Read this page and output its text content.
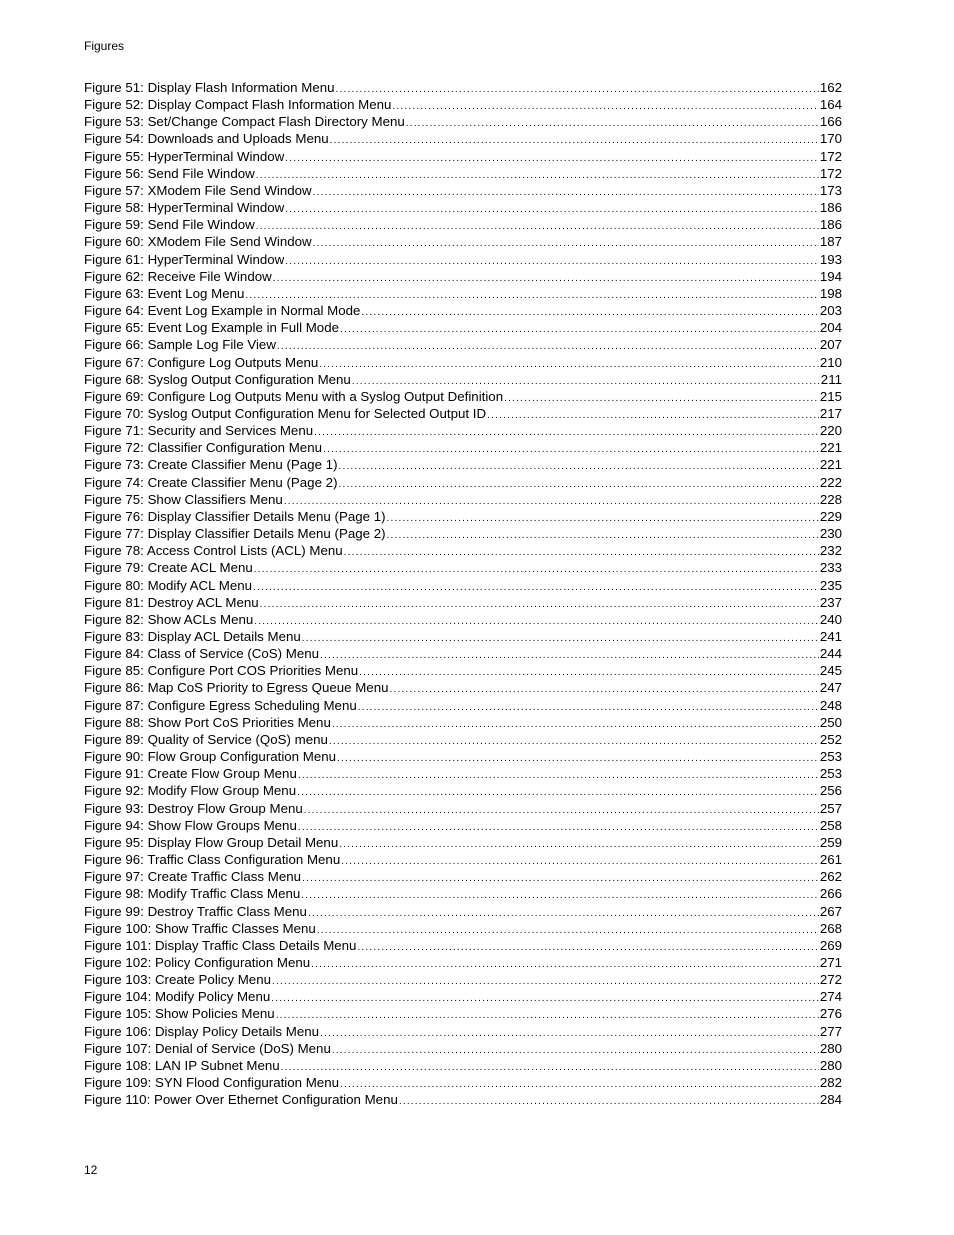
Figures
Figure 51: Display Flash Information Menu .....	162
Figure 52: Display Compact Flash Information Menu .....	164
Figure 53: Set/Change Compact Flash Directory Menu .....	166
Figure 54: Downloads and Uploads Menu .....	170
Figure 55: HyperTerminal Window .....	172
Figure 56: Send File Window .....	172
Figure 57: XModem File Send Window .....	173
Figure 58: HyperTerminal Window .....	186
Figure 59: Send File Window .....	186
Figure 60: XModem File Send Window .....	187
Figure 61: HyperTerminal Window .....	193
Figure 62: Receive File Window .....	194
Figure 63: Event Log Menu .....	198
Figure 64: Event Log Example in Normal Mode .....	203
Figure 65: Event Log Example in Full Mode .....	204
Figure 66: Sample Log File View .....	207
Figure 67: Configure Log Outputs Menu .....	210
Figure 68: Syslog Output Configuration Menu .....	211
Figure 69: Configure Log Outputs Menu with a Syslog Output Definition .....	215
Figure 70: Syslog Output Configuration Menu for Selected Output ID .....	217
Figure 71: Security and Services Menu .....	220
Figure 72: Classifier Configuration Menu .....	221
Figure 73: Create Classifier Menu (Page 1) .....	221
Figure 74: Create Classifier Menu (Page 2) .....	222
Figure 75: Show Classifiers Menu .....	228
Figure 76: Display Classifier Details Menu (Page 1) .....	229
Figure 77: Display Classifier Details Menu (Page 2) .....	230
Figure 78: Access Control Lists (ACL) Menu .....	232
Figure 79: Create ACL Menu .....	233
Figure 80: Modify ACL Menu .....	235
Figure 81: Destroy ACL Menu .....	237
Figure 82: Show ACLs Menu .....	240
Figure 83: Display ACL Details Menu .....	241
Figure 84: Class of Service (CoS) Menu .....	244
Figure 85: Configure Port COS Priorities Menu .....	245
Figure 86: Map CoS Priority to Egress Queue Menu .....	247
Figure 87: Configure Egress Scheduling Menu .....	248
Figure 88: Show Port CoS Priorities Menu .....	250
Figure 89: Quality of Service (QoS) menu .....	252
Figure 90: Flow Group Configuration Menu .....	253
Figure 91: Create Flow Group Menu .....	253
Figure 92: Modify Flow Group Menu .....	256
Figure 93: Destroy Flow Group Menu .....	257
Figure 94: Show Flow Groups Menu .....	258
Figure 95: Display Flow Group Detail Menu .....	259
Figure 96: Traffic Class Configuration Menu .....	261
Figure 97: Create Traffic Class Menu .....	262
Figure 98: Modify Traffic Class Menu .....	266
Figure 99: Destroy Traffic Class Menu .....	267
Figure 100: Show Traffic Classes Menu .....	268
Figure 101: Display Traffic Class Details Menu .....	269
Figure 102: Policy Configuration Menu .....	271
Figure 103: Create Policy Menu .....	272
Figure 104: Modify Policy Menu .....	274
Figure 105: Show Policies Menu .....	276
Figure 106: Display Policy Details Menu .....	277
Figure 107: Denial of Service (DoS) Menu .....	280
Figure 108: LAN IP Subnet Menu .....	280
Figure 109: SYN Flood Configuration Menu .....	282
Figure 110: Power Over Ethernet Configuration Menu .....	284
12
